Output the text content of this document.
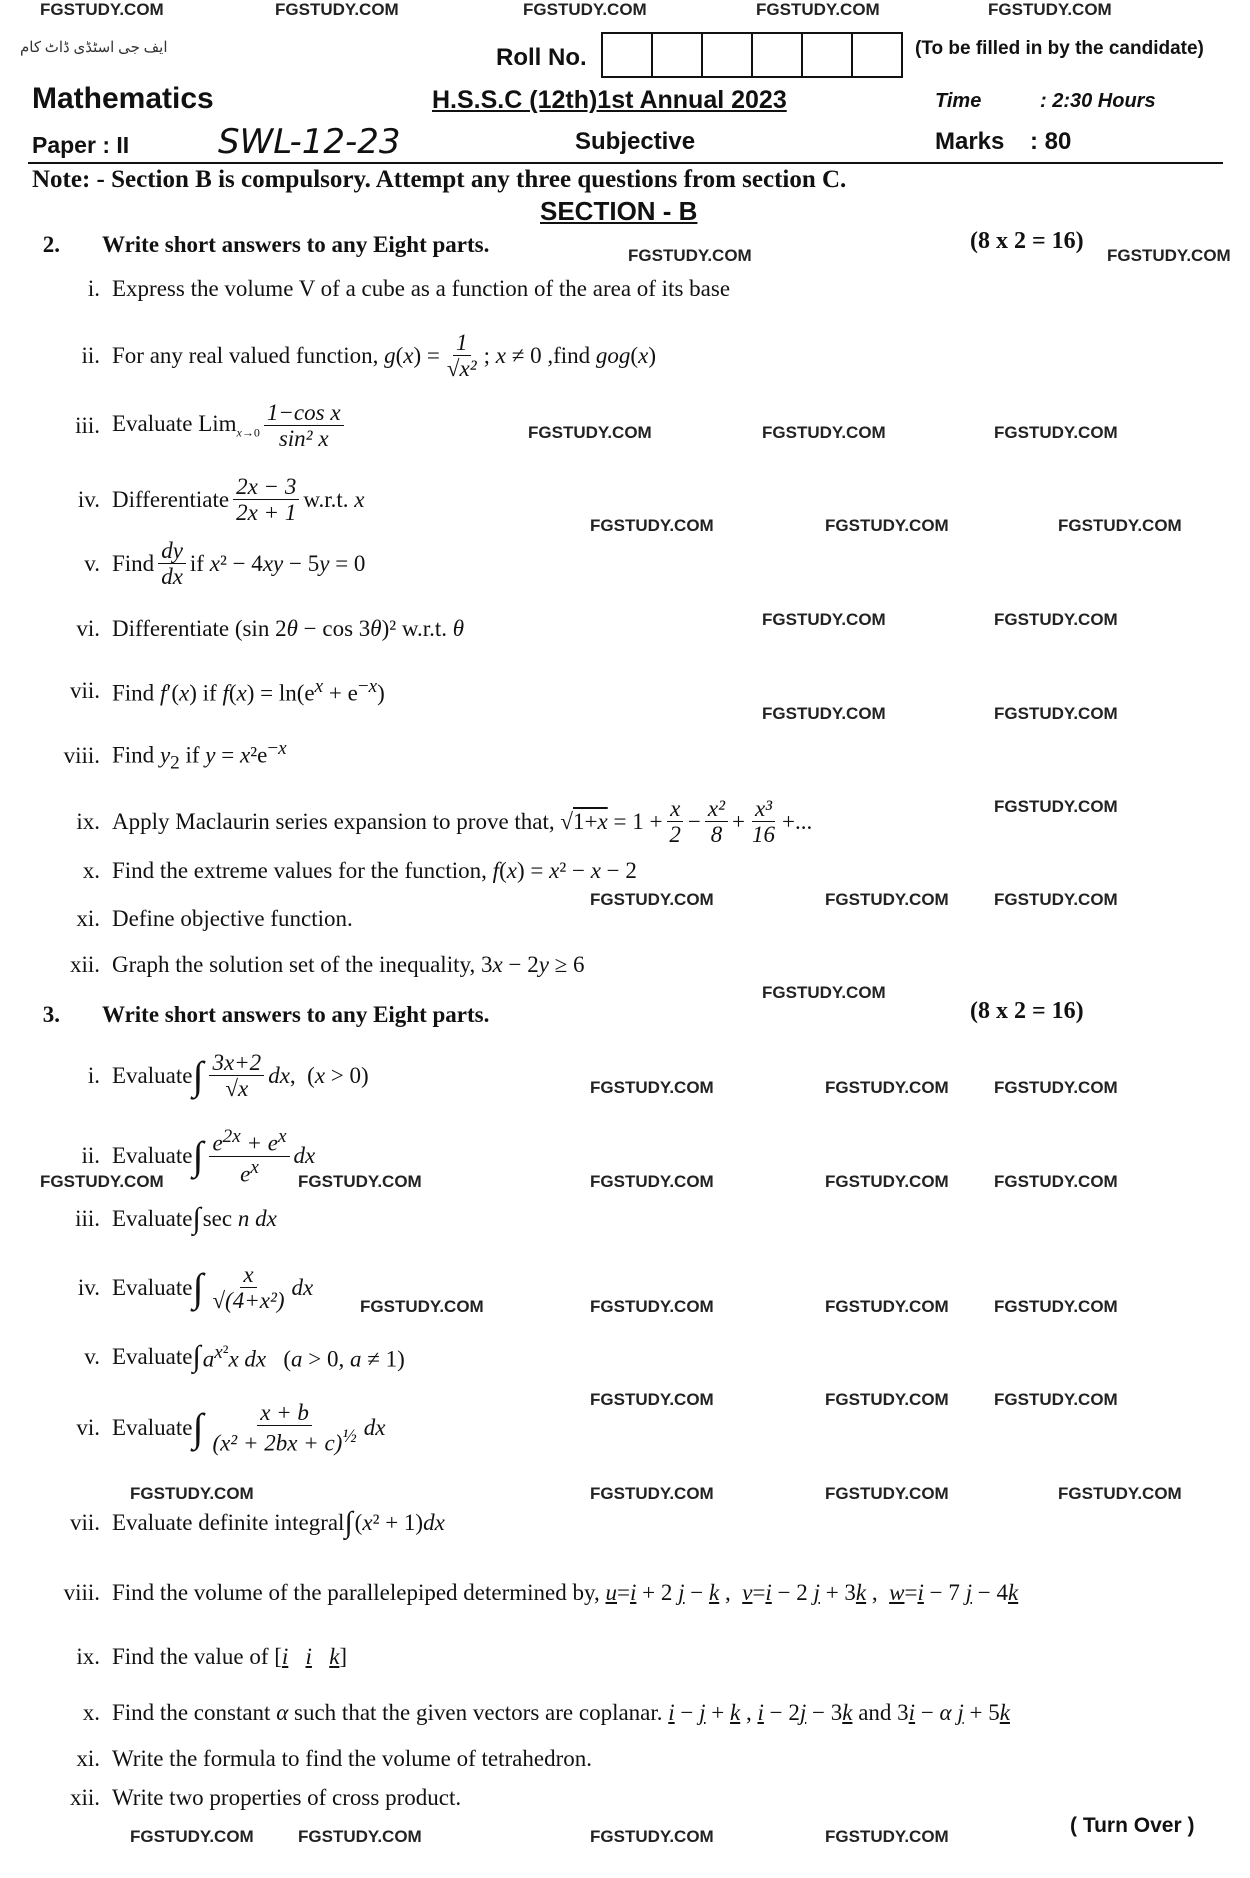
FGSTUDY.COM	FGSTUDY.COM	FGSTUDY.COM	FGSTUDY.COM	FGSTUDY.COM
ایف جی اسٹڈی ڈاٹ کام	Roll No.	(To be filled in by the candidate)
Mathematics	H.S.S.C (12th)1st Annual 2023	Time	: 2:30 Hours
Paper : II	SWL-12-23	Subjective	Marks : 80
Note: - Section B is compulsory. Attempt any three questions from section C.
SECTION - B
2.	Write short answers to any Eight parts.	(8 x 2 = 16)
FGSTUDY.COM	FGSTUDY.COM
i. Express the volume V of a cube as a function of the area of its base
ii. For any real valued function, $g(x) = \frac{1}{\text{√x²}}$ ; x ≠ 0 ,find gog(x)
iii. Evaluate $Lim_{x\to 0} \frac{\text{1−cos x}}{\text{sin² x}}$
iv. Differentiate $\frac{2x - 3}{2x + 1} w.r.t$. x
v. Find $\frac{dy}{dx}$ if x² − 4xy − 5y = 0
vi. Differentiate (sin 2θ − cos 3θ)² w.r.t. θ
vii. Find f′(x) if $f(x) = \ln(e^x + e^{-x})$
viii. Find $y_2$ if $y = x^2e^{-x}$
ix. Apply Maclaurin series expansion to prove that, $√1+x = 1 + \frac{x}{2} - \frac{\text{x²}}{8} + \frac{\text{x³}}{16}$ +...
x. Find the extreme values for the function, f(x) = x² − x − 2
xi. Define objective function.
xii. Graph the solution set of the inequality, 3x − 2y ≥ 6
FGSTUDY.COM	FGSTUDY.COM	FGSTUDY.COM
FGSTUDY.COM	FGSTUDY.COM	FGSTUDY.COM
FGSTUDY.COM	FGSTUDY.COM
FGSTUDY.COM	FGSTUDY.COM
FGSTUDY.COM
FGSTUDY.COM	FGSTUDY.COM	FGSTUDY.COM
FGSTUDY.COM
3.	Write short answers to any Eight parts.	(8 x 2 = 16)
i. Evaluate ∫ $\frac{3x+2}{√x}$ dx,  (x > 0)
ii. Evaluate ∫ $\frac{e^{2x} + e^x}{e^x}$ dx
iii. Evaluate ∫ sec n dx
iv. Evaluate ∫ $\frac{x}{\text{√(4+x²)}}$ dx
v. Evaluate ∫ $a^{x^2}x$ dx   (a > 0, a ≠ 1)
vi. Evaluate ∫ $\frac{x + b}{(x^2 + 2bx + c)^{\frac{1}{2}}}$ dx
vii. Evaluate definite integral ∫ (x² + 1)dx
viii. Find the volume of the parallelepiped determined by, u=i + 2 j − k ,  v=i − 2 j + 3k ,  w=i − 7 j − 4k
ix. Find the value of [i i k]
x. Find the constant α such that the given vectors are coplanar. i − j + k , i − 2j − 3k and 3i − α j + 5k
xi. Write the formula to find the volume of tetrahedron.
xii. Write two properties of cross product.
FGSTUDY.COM	FGSTUDY.COM	FGSTUDY.COM
FGSTUDY.COM	FGSTUDY.COM	FGSTUDY.COM	FGSTUDY.COM	FGSTUDY.COM
FGSTUDY.COM	FGSTUDY.COM	FGSTUDY.COM	FGSTUDY.COM
FGSTUDY.COM	FGSTUDY.COM	FGSTUDY.COM
FGSTUDY.COM	FGSTUDY.COM	FGSTUDY.COM	FGSTUDY.COM
FGSTUDY.COM	FGSTUDY.COM	FGSTUDY.COM	FGSTUDY.COM	( Turn Over )
